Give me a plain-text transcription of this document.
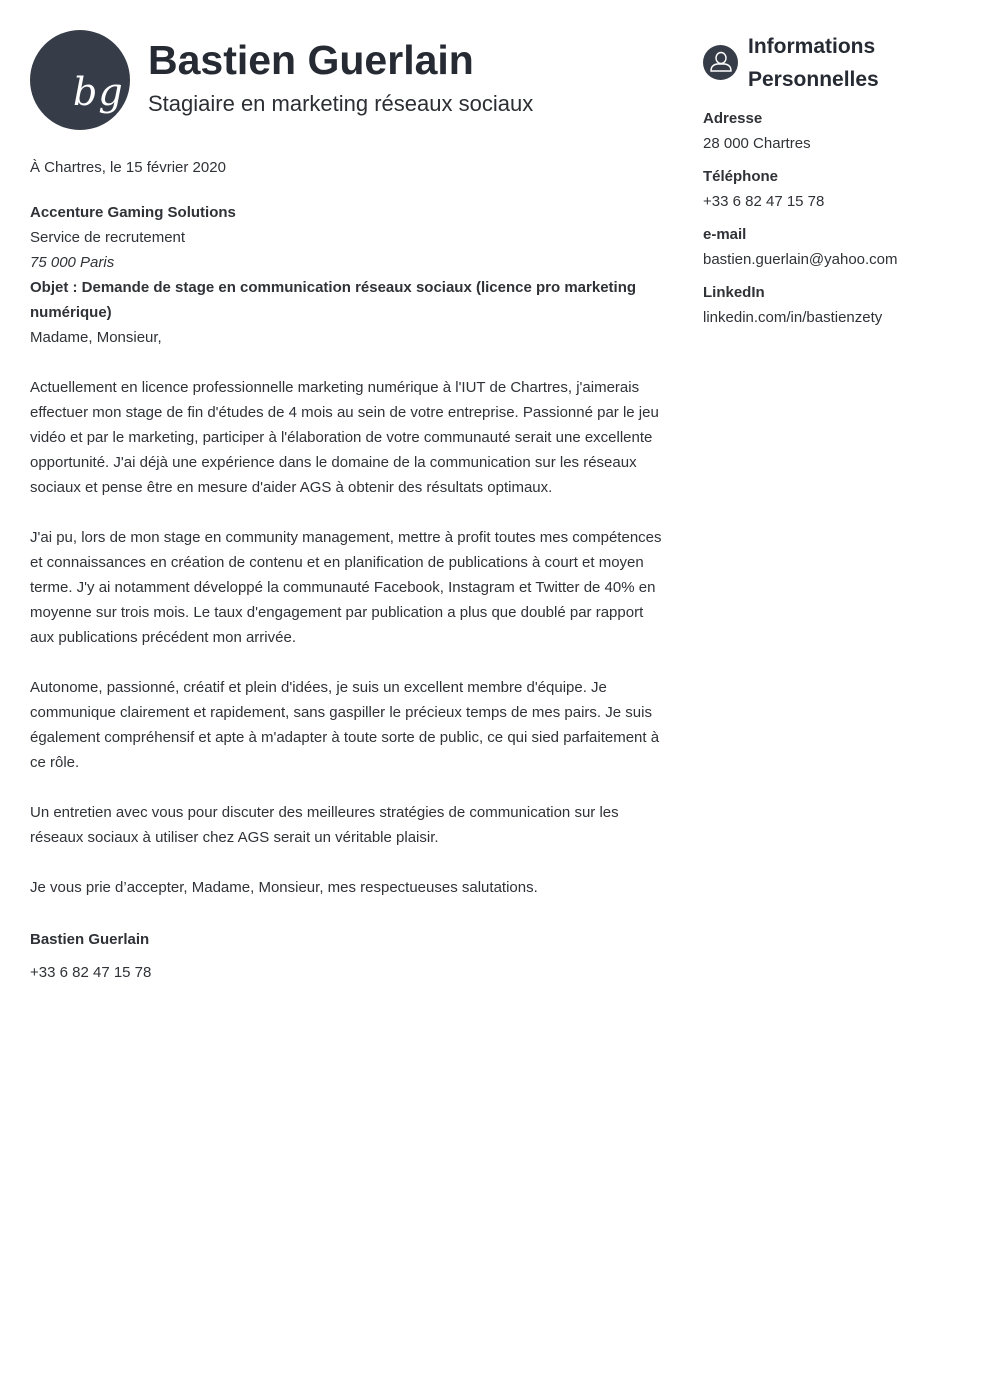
bg
Bastien Guerlain

Stagiaire en marketing réseaux sociaux

À Chartres, le 15 février 2020

Accenture Gaming Solutions

Service de recrutement

75 000 Paris

Objet : Demande de stage en communication réseaux sociaux (licence pro marketing numérique)

Madame, Monsieur,

Actuellement en licence professionnelle marketing numérique à l'IUT de Chartres, j'aimerais effectuer mon stage de fin d'études de 4 mois au sein de votre entreprise. Passionné par le jeu vidéo et par le marketing, participer à l'élaboration de votre communauté serait une excellente opportunité. J'ai déjà une expérience dans le domaine de la communication sur les réseaux sociaux et pense être en mesure d'aider AGS à obtenir des résultats optimaux.

J'ai pu, lors de mon stage en community management, mettre à profit toutes mes compétences et connaissances en création de contenu et en planification de publications à court et moyen terme. J'y ai notamment développé la communauté Facebook, Instagram et Twitter de 40% en moyenne sur trois mois. Le taux d'engagement par publication a plus que doublé par rapport aux publications précédent mon arrivée.

Autonome, passionné, créatif et plein d'idées, je suis un excellent membre d'équipe. Je communique clairement et rapidement, sans gaspiller le précieux temps de mes pairs. Je suis également compréhensif et apte à m'adapter à toute sorte de public, ce qui sied parfaitement à ce rôle.

Un entretien avec vous pour discuter des meilleures stratégies de communication sur les réseaux sociaux à utiliser chez AGS serait un véritable plaisir.

Je vous prie d’accepter, Madame, Monsieur, mes respectueuses salutations.

Bastien Guerlain

+33 6 82 47 15 78

Informations
Personnelles
Adresse
28 000 Chartres
Téléphone
+33 6 82 47 15 78
e-mail
bastien.guerlain@yahoo.com
LinkedIn
linkedin.com/in/bastienzety
